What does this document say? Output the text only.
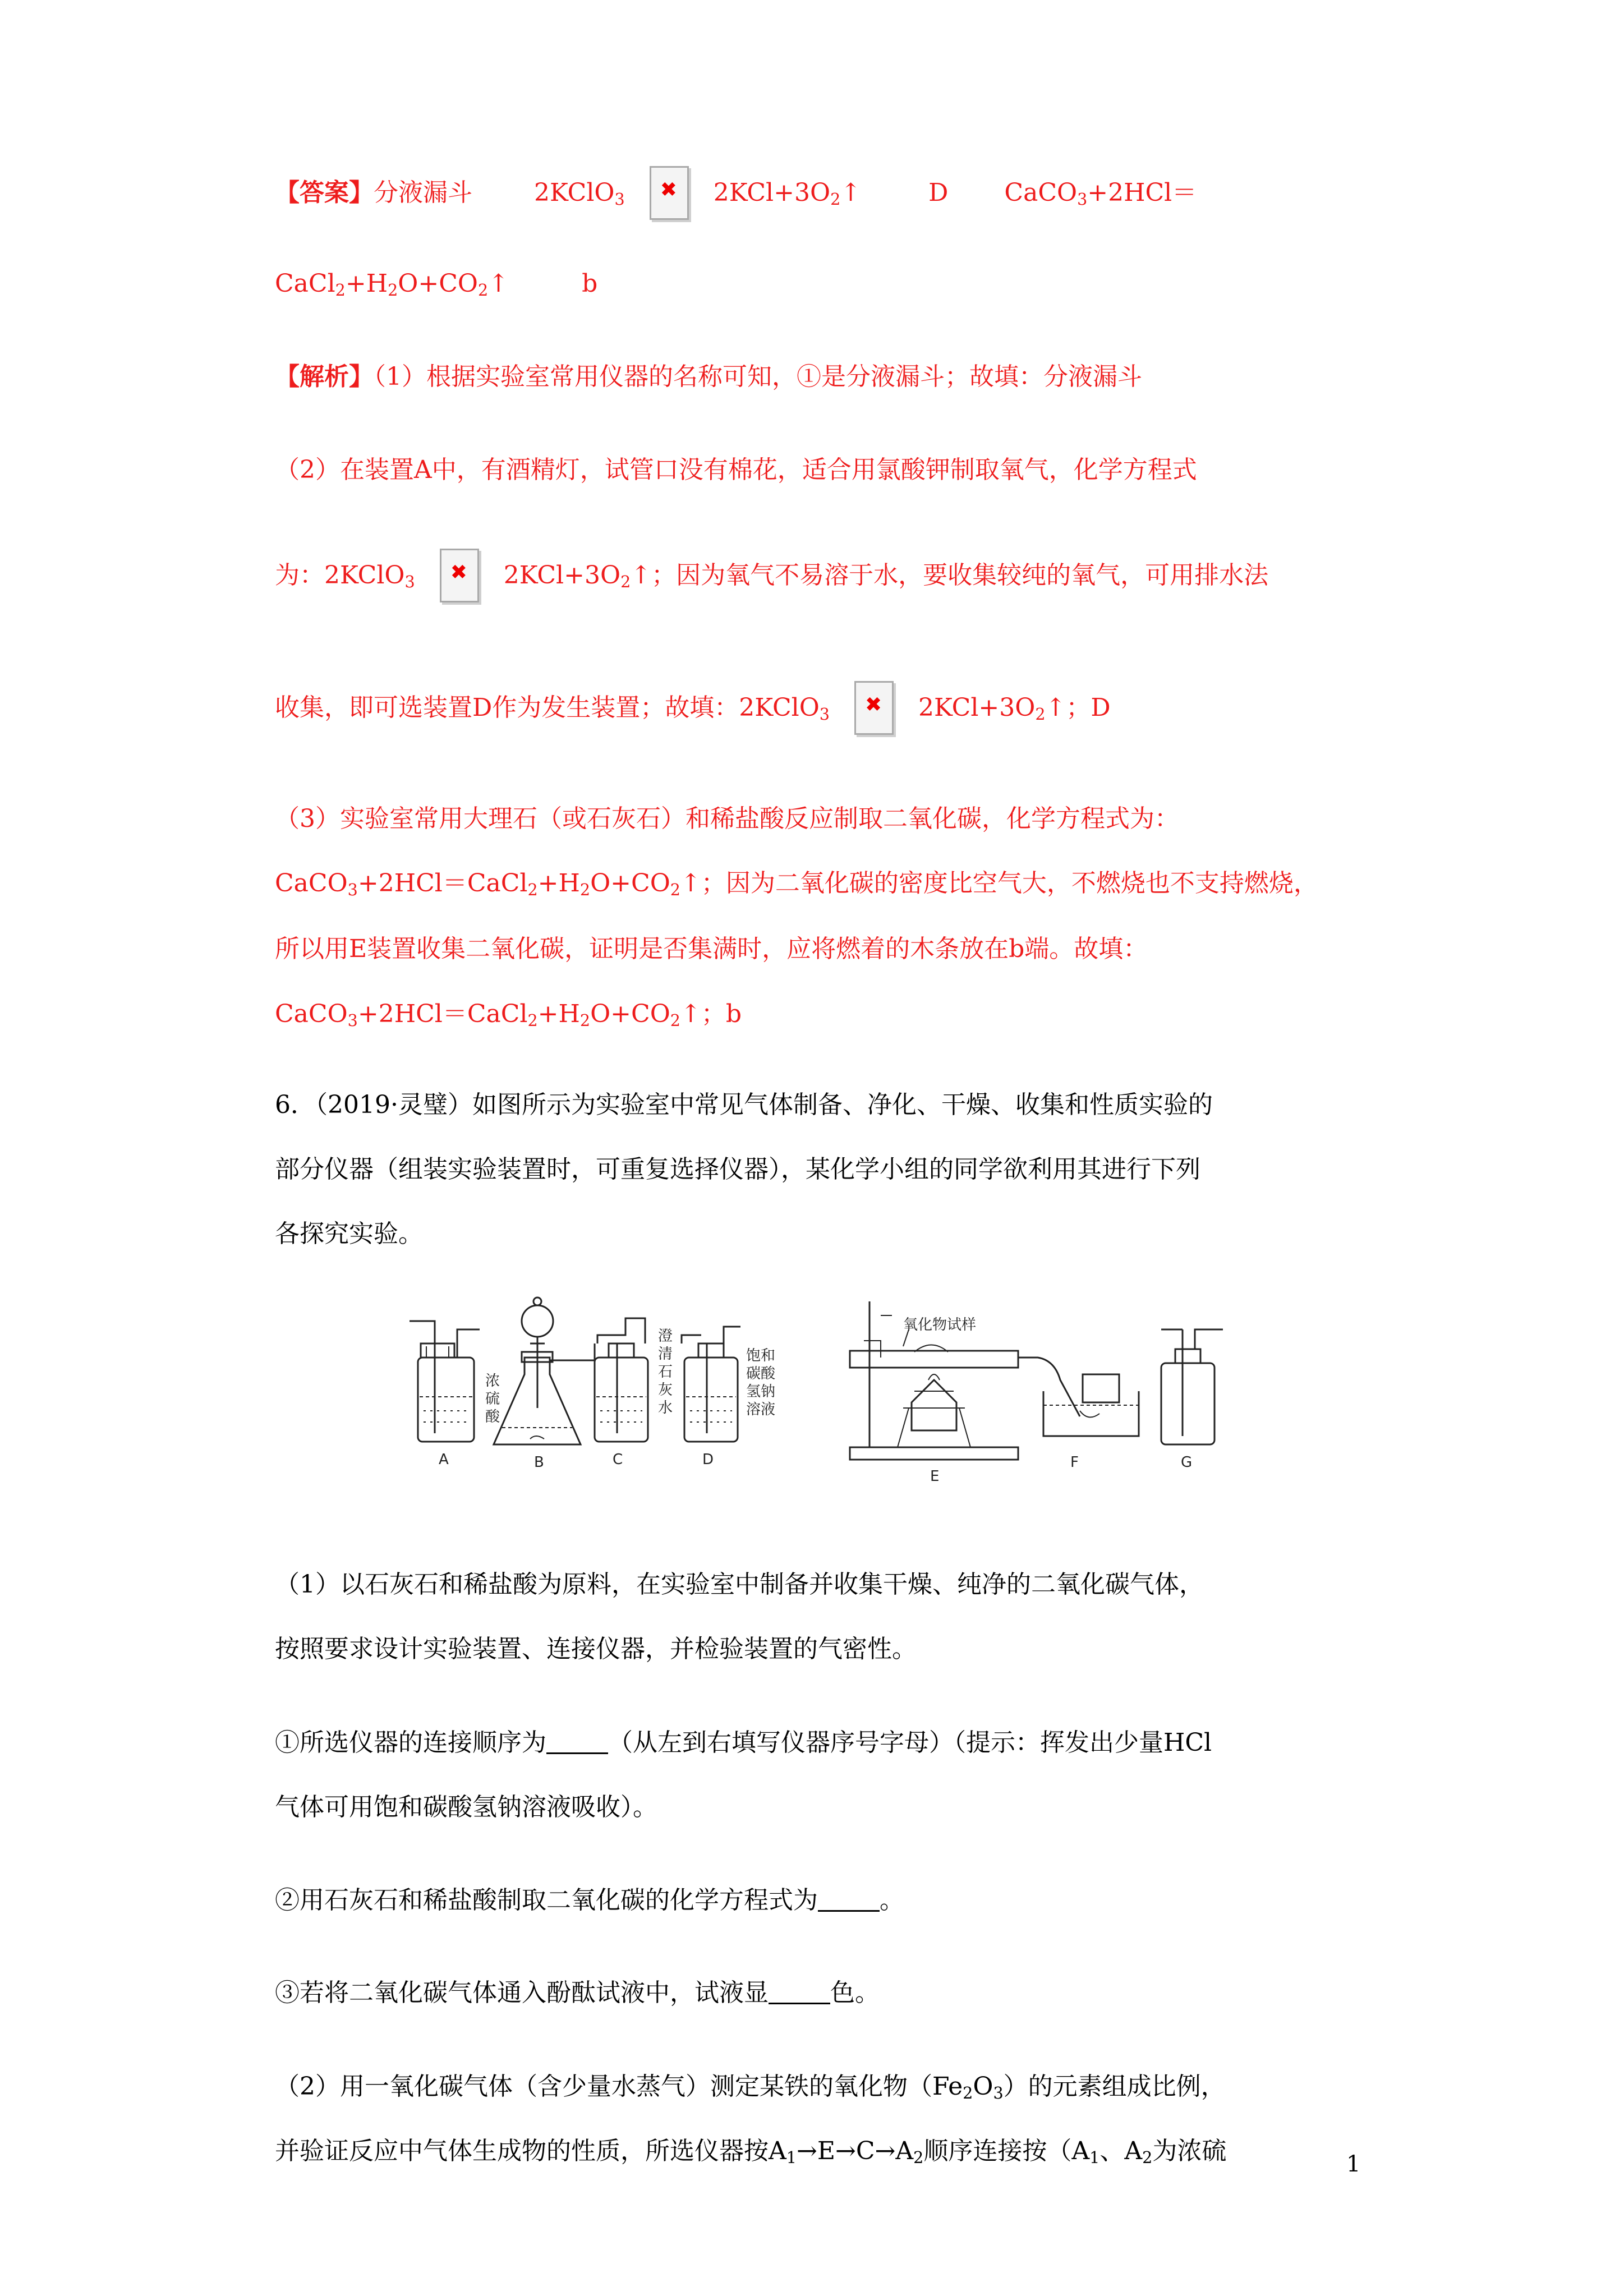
【答案】分液漏斗	2KClO$_3$ ✖	$2KCl+3O_2↑$	D CaCO$_3$+2HCl＝
$CaCl_2+H_2O+CO_2↑$	b
【解析】（1）根据实验室常用仪器的名称可知，①是分液漏斗；故填：分液漏斗
（2）在装置A中，有酒精灯，试管口没有棉花，适合用氯酸钾制取氧气，化学方程式
为：2KClO$_3$ ✖	$2KCl+3O_2↑$；因为氧气不易溶于水，要收集较纯的氧气，可用排水法
收集，即可选装置D作为发生装置；故填：2KClO$_3$ ✖	$2KCl+3O_2↑$；D
（3）实验室常用大理石（或石灰石）和稀盐酸反应制取二氧化碳，化学方程式为：
$CaCO_3+2HCl=CaCl_2+H_2O+CO_2↑$；因为二氧化碳的密度比空气大，不燃烧也不支持燃烧，
所以用E装置收集二氧化碳，证明是否集满时，应将燃着的木条放在b端。故填：
$CaCO_3+2HCl=CaCl_2+H_2O+CO_2↑$；b
6．（2019·灵璧）如图所示为实验室中常见气体制备、净化、干燥、收集和性质实验的
部分仪器（组装实验装置时，可重复选择仪器），某化学小组的同学欲利用其进行下列
各探究实验。
A
浓
硫
酸
B	C
澄
清
石
灰
水
D
饱和
碳酸
氢钠
溶液
氧化物试样
E
F	G
（1）以石灰石和稀盐酸为原料，在实验室中制备并收集干燥、纯净的二氧化碳气体，
按照要求设计实验装置、连接仪器，并检验装置的气密性。
①所选仪器的连接顺序为	（从左到右填写仪器序号字母）（提示：挥发出少量HCl
气体可用饱和碳酸氢钠溶液吸收）。
②用石灰石和稀盐酸制取二氧化碳的化学方程式为	。
③若将二氧化碳气体通入酚酞试液中，试液显	色。
（2）用一氧化碳气体（含少量水蒸气）测定某铁的氧化物$(Fe_2O_3)$的元素组成比例，
并验证反应中气体生成物的性质，所选仪器按$A_1\to E\to C\to A_2$顺序连接按（$A_1$、$A_2$为浓硫	1
